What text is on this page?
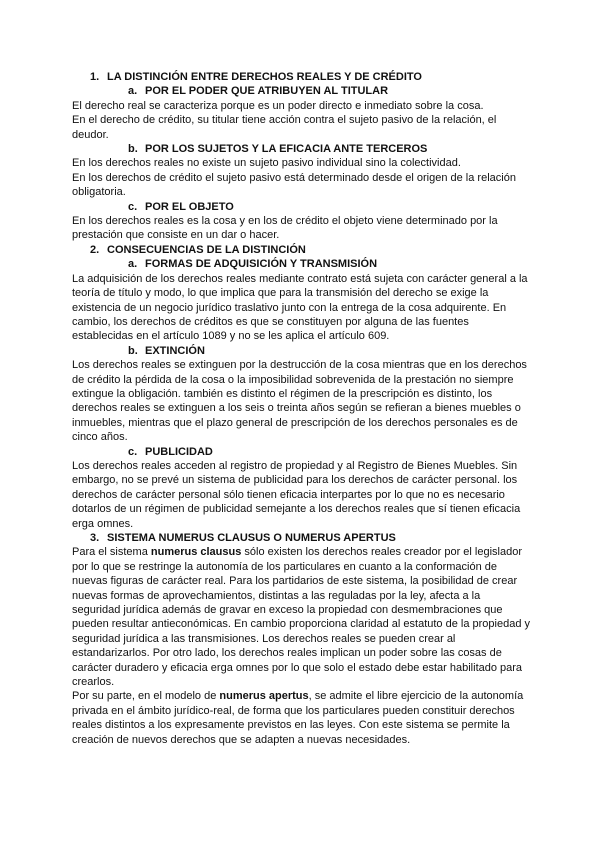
1. LA DISTINCIÓN ENTRE DERECHOS REALES Y DE CRÉDITO
a. POR EL PODER QUE ATRIBUYEN AL TITULAR

El derecho real se caracteriza porque es un poder directo e inmediato sobre la cosa.

En el derecho de crédito, su titular tiene acción contra el sujeto pasivo de la relación, el deudor.

b. POR LOS SUJETOS Y LA EFICACIA ANTE TERCEROS

En los derechos reales no existe un sujeto pasivo individual sino la colectividad.

En los derechos de crédito el sujeto pasivo está determinado desde el origen de la relación obligatoria.

c. POR EL OBJETO

En los derechos reales es la cosa y en los de crédito el objeto viene determinado por la prestación que consiste en un dar o hacer.

2. CONSECUENCIAS DE LA DISTINCIÓN
a. FORMAS DE ADQUISICIÓN Y TRANSMISIÓN

La adquisición de los derechos reales mediante contrato está sujeta con carácter general a la teoría de título y modo, lo que implica que para la transmisión del derecho se exige la existencia de un negocio jurídico traslativo junto con la entrega de la cosa adquirente. En cambio, los derechos de créditos es que se constituyen por alguna de las fuentes establecidas en el artículo 1089 y no se les aplica el artículo 609.

b. EXTINCIÓN

Los derechos reales se extinguen por la destrucción de la cosa mientras que en los derechos de crédito la pérdida de la cosa o la imposibilidad sobrevenida de la prestación no siempre extingue la obligación. también es distinto el régimen de la prescripción es distinto, los derechos reales se extinguen a los seis o treinta años según se refieran a bienes muebles o inmuebles, mientras que el plazo general de prescripción de los derechos personales es de cinco años.

c. PUBLICIDAD

Los derechos reales acceden al registro de propiedad y al Registro de Bienes Muebles. Sin embargo, no se prevé un sistema de publicidad para los derechos de carácter personal. los derechos de carácter personal sólo tienen eficacia interpartes por lo que no es necesario dotarlos de un régimen de publicidad semejante a los derechos reales que sí tienen eficacia erga omnes.

3. SISTEMA NUMERUS CLAUSUS O NUMERUS APERTUS

Para el sistema numerus clausus sólo existen los derechos reales creador por el legislador por lo que se restringe la autonomía de los particulares en cuanto a la conformación de nuevas figuras de carácter real. Para los partidarios de este sistema, la posibilidad de crear nuevas formas de aprovechamientos, distintas a las reguladas por la ley, afecta a la seguridad jurídica además de gravar en exceso la propiedad con desmembraciones que pueden resultar antieconómicas. En cambio proporciona claridad al estatuto de la propiedad y seguridad jurídica a las transmisiones. Los derechos reales se pueden crear al estandarizarlos. Por otro lado, los derechos reales implican un poder sobre las cosas de carácter duradero y eficacia erga omnes por lo que solo el estado debe estar habilitado para crearlos.

Por su parte, en el modelo de numerus apertus, se admite el libre ejercicio de la autonomía privada en el ámbito jurídico-real, de forma que los particulares pueden constituir derechos reales distintos a los expresamente previstos en las leyes. Con este sistema se permite la creación de nuevos derechos que se adapten a nuevas necesidades.
